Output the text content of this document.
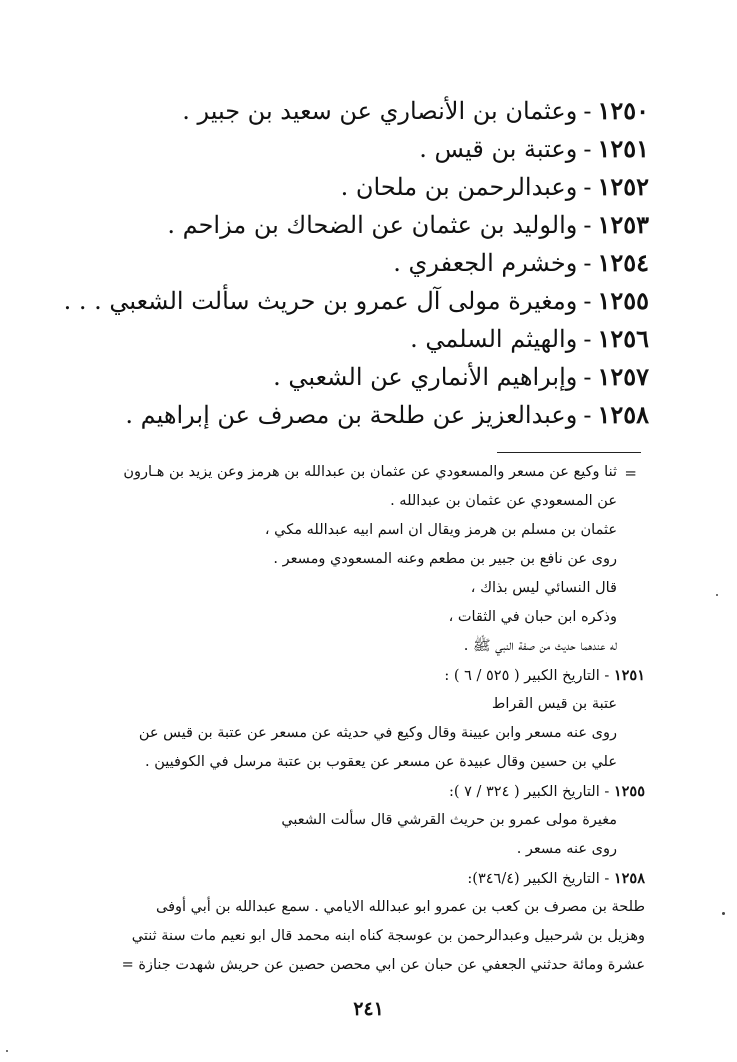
١٢٥٠-وعثمان بن الأنصاري عن سعيد بن جبير .
١٢٥١-وعتبة بن قيس .
١٢٥٢-وعبدالرحمن بن ملحان .
١٢٥٣-والوليد بن عثمان عن الضحاك بن مزاحم .
١٢٥٤-وخشرم الجعفري .
١٢٥٥-ومغيرة مولى آل عمرو بن حريث سألت الشعبي . . .
١٢٥٦-والهيثم السلمي .
١٢٥٧-وإبراهيم الأنماري عن الشعبي .
١٢٥٨-وعبدالعزيز عن طلحة بن مصرف عن إبراهيم .
=
ثنا وكيع عن مسعر والمسعودي عن عثمان بن عبدالله بن هرمز وعن يزيد بن هـارون
عن المسعودي عن عثمان بن عبدالله .
عثمان بن مسلم بن هرمز ويقال ان اسم ابيه عبدالله مكي ،
روى عن نافع بن جبير بن مطعم وعنه المسعودي ومسعر .
قال النسائي ليس بذاك ،
وذكره ابن حبان في الثقات ،
له عندهما حديث من صفة النبي ﷺ .
١٢٥١ - التاريخ الكبير ( ٥٢٥ / ٦ ) :
عتبة بن قيس القراط
روى عنه مسعر وابن عيينة وقال وكيع في حديثه عن مسعر عن عتبة بن قيس عن
علي بن حسين وقال عبيدة عن مسعر عن يعقوب بن عتبة مرسل في الكوفيين .
١٢٥٥ - التاريخ الكبير ( ٣٢٤ / ٧ ):
مغيرة مولى عمرو بن حريث القرشي قال سألت الشعبي
روى عنه مسعر .
١٢٥٨ - التاريخ الكبير (٣٤٦/٤):
طلحة بن مصرف بن كعب بن عمرو ابو عبدالله الايامي . سمع عبدالله بن أبي أوفى
وهزيل بن شرحبيل وعبدالرحمن بن عوسجة كناه ابنه محمد قال ابو نعيم مات سنة ثنتي
عشرة ومائة حدثني الجعفي عن حبان عن ابي محصن حصين عن حريش شهدت جنازة =
٢٤١
